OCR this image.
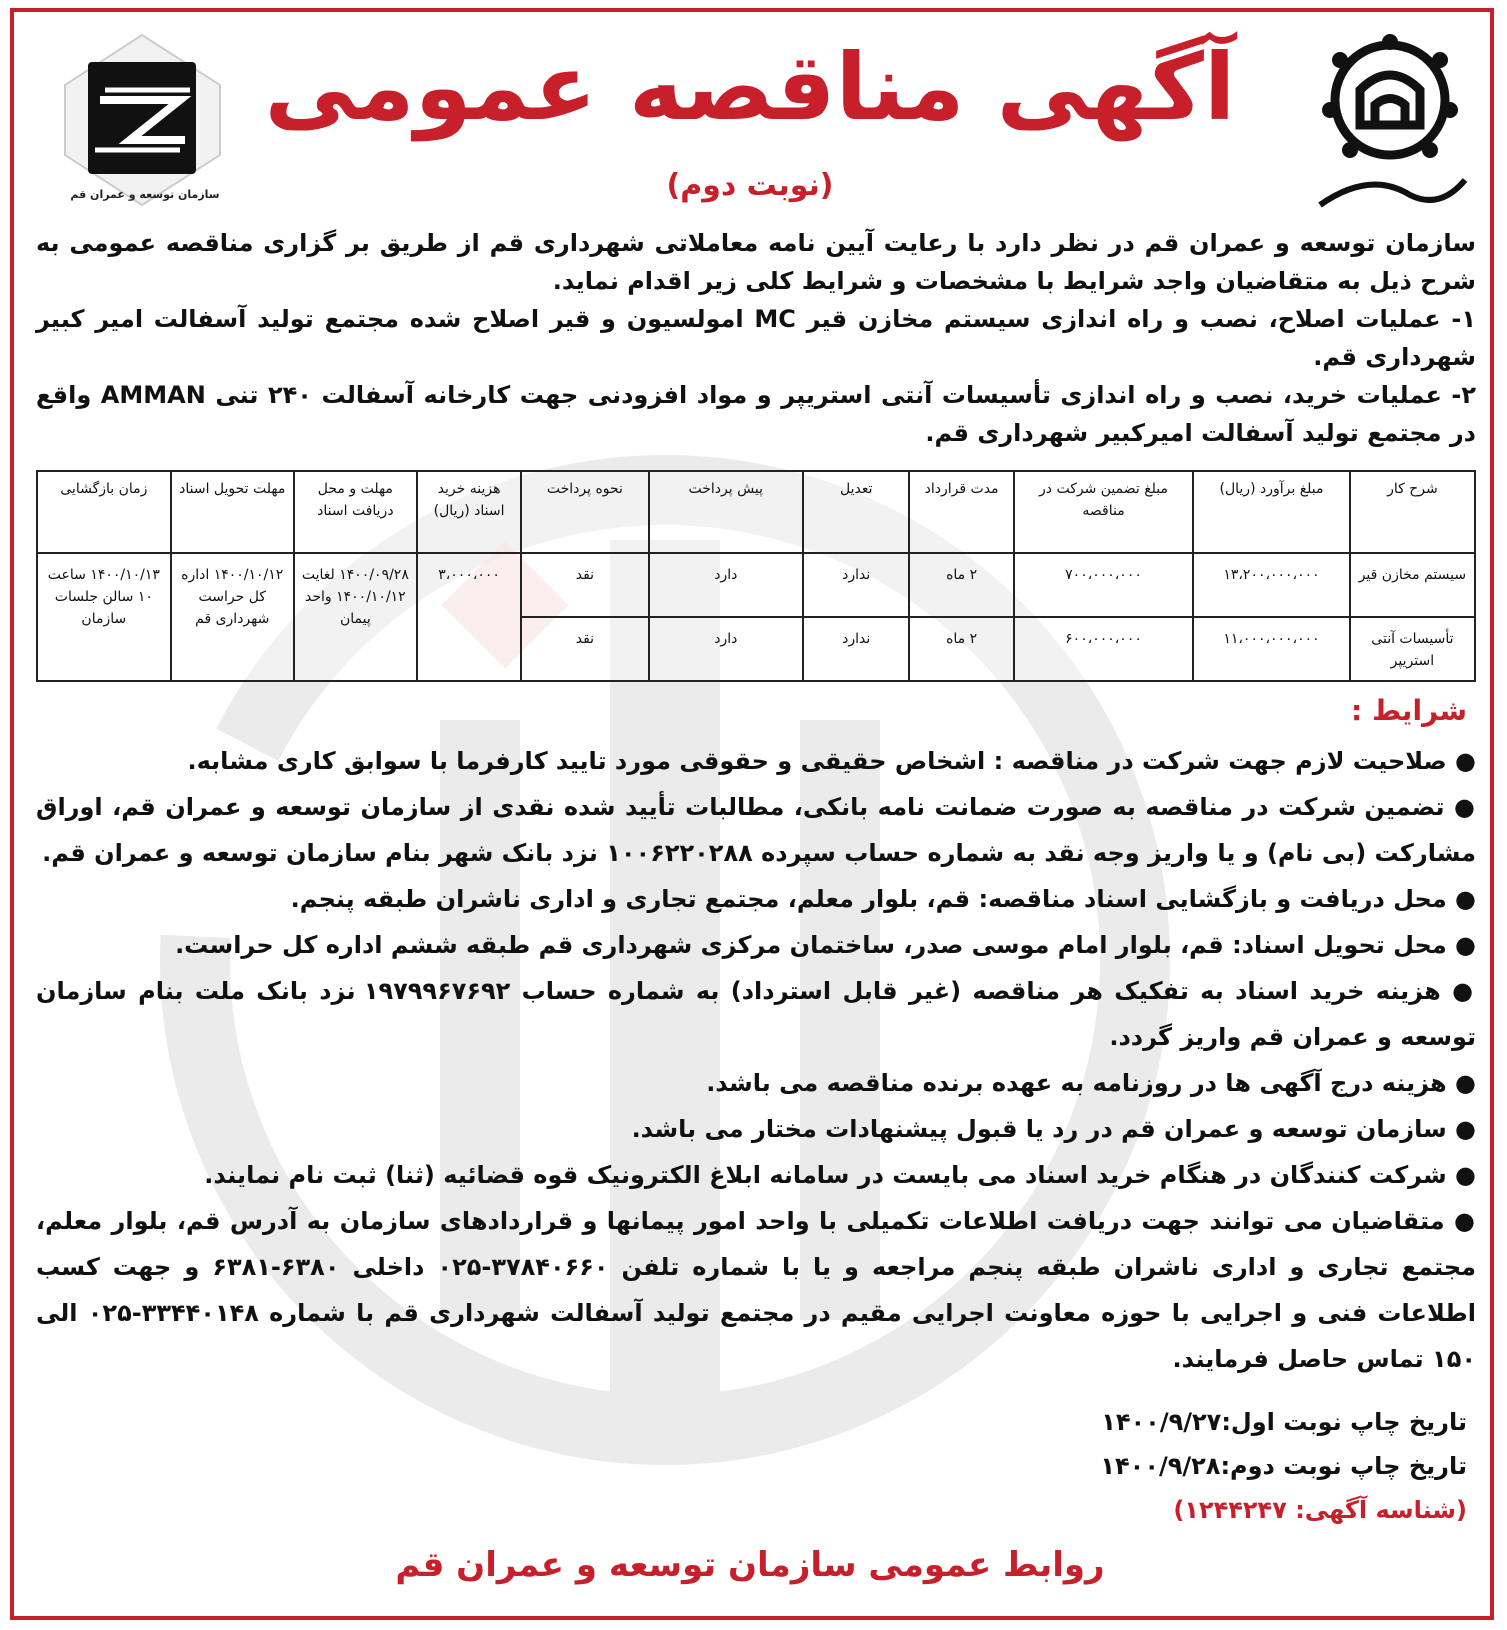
سازمان توسعه و عمران قم
آگهی مناقصه عمومی
(نوبت دوم)

سازمان توسعه و عمران قم در نظر دارد با رعایت آیین نامه معاملاتی شهرداری قم از طریق بر گزاری مناقصه عمومی به شرح ذیل به متقاضیان واجد شرایط با مشخصات و شرایط کلی زیر اقدام نماید.

۱- عملیات اصلاح، نصب و راه اندازی سیستم مخازن قیر MC امولسیون و قیر اصلاح شده مجتمع تولید آسفالت امیر کبیر شهرداری قم.

۲- عملیات خرید، نصب و راه اندازی تأسیسات آنتی استریپر و مواد افزودنی جهت کارخانه آسفالت ۲۴۰ تنی AMMAN واقع در مجتمع تولید آسفالت امیرکبیر شهرداری قم.

شرح کار	مبلغ برآورد (ریال)	مبلغ تضمین شرکت در مناقصه	مدت قرارداد	تعدیل	پیش پرداخت	نحوه پرداخت	هزینه خرید اسناد (ریال)	مهلت و محل دریافت اسناد	مهلت تحویل اسناد	زمان بازگشایی
سیستم مخازن قیر	۱۳،۲۰۰،۰۰۰،۰۰۰	۷۰۰،۰۰۰،۰۰۰	۲ ماه	ندارد	دارد	نقد	۳،۰۰۰،۰۰۰	۱۴۰۰/۰۹/۲۸ لغایت ۱۴۰۰/۱۰/۱۲ واحد پیمان	۱۴۰۰/۱۰/۱۲ اداره کل حراست شهرداری قم	۱۴۰۰/۱۰/۱۳ ساعت ۱۰ سالن جلسات سازمان
تأسیسات آنتی استریپر	۱۱،۰۰۰،۰۰۰،۰۰۰	۶۰۰،۰۰۰،۰۰۰	۲ ماه	ندارد	دارد	نقد				
شرایط :
● صلاحیت لازم جهت شرکت در مناقصه : اشخاص حقیقی و حقوقی مورد تایید کارفرما با سوابق کاری مشابه.
● تضمین شرکت در مناقصه به صورت ضمانت نامه بانکی، مطالبات تأیید شده نقدی از سازمان توسعه و عمران قم، اوراق مشارکت (بی نام) و یا واریز وجه نقد به شماره حساب سپرده ۱۰۰۶۲۲۰۲۸۸ نزد بانک شهر بنام سازمان توسعه و عمران قم.
● محل دریافت و بازگشایی اسناد مناقصه: قم، بلوار معلم، مجتمع تجاری و اداری ناشران طبقه پنجم.
● محل تحویل اسناد: قم، بلوار امام موسی صدر، ساختمان مرکزی شهرداری قم طبقه ششم اداره کل حراست.
● هزینه خرید اسناد به تفکیک هر مناقصه (غیر قابل استرداد) به شماره حساب ۱۹۷۹۹۶۷۶۹۲ نزد بانک ملت بنام سازمان توسعه و عمران قم واریز گردد.
● هزینه درج آگهی ها در روزنامه به عهده برنده مناقصه می باشد.
● سازمان توسعه و عمران قم در رد یا قبول پیشنهادات مختار می باشد.
● شرکت کنندگان در هنگام خرید اسناد می بایست در سامانه ابلاغ الکترونیک قوه قضائیه (ثنا) ثبت نام نمایند.
● متقاضیان می توانند جهت دریافت اطلاعات تکمیلی با واحد امور پیمانها و قراردادهای سازمان به آدرس قم، بلوار معلم، مجتمع تجاری و اداری ناشران طبقه پنجم مراجعه و یا با شماره تلفن ۳۷۸۴۰۶۶۰-۰۲۵ داخلی ۶۳۸۰-۶۳۸۱ و جهت کسب اطلاعات فنی و اجرایی با حوزه معاونت اجرایی مقیم در مجتمع تولید آسفالت شهرداری قم با شماره ۳۳۴۴۰۱۴۸-۰۲۵ الی ۱۵۰ تماس حاصل فرمایند.

تاریخ چاپ نوبت اول:۱۴۰۰/۹/۲۷

تاریخ چاپ نوبت دوم:۱۴۰۰/۹/۲۸

(شناسه آگهی: ۱۲۴۴۲۴۷)

روابط عمومی سازمان توسعه و عمران قم
